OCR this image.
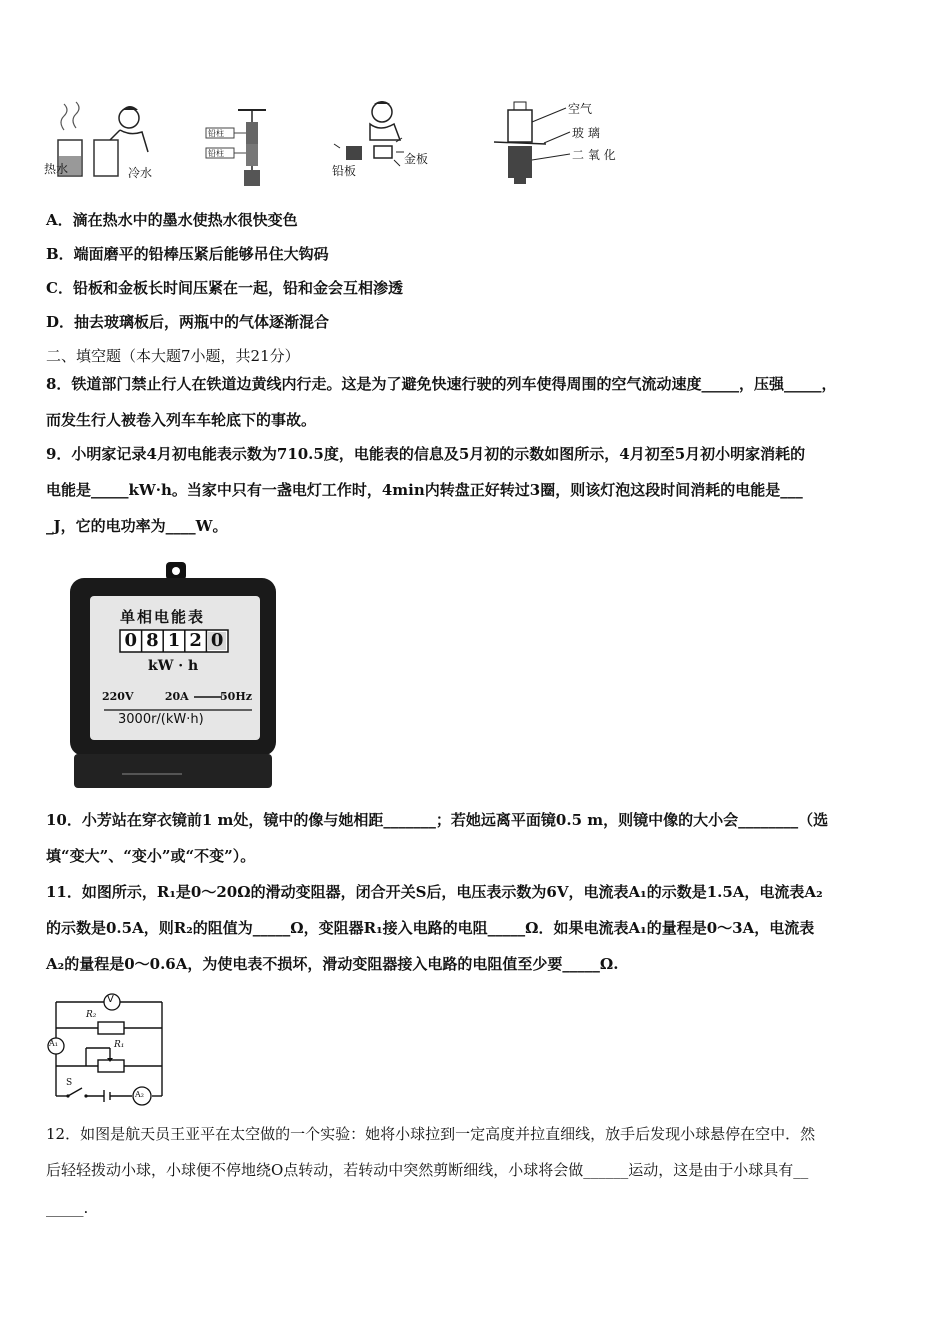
热水	冷水
铅柱
铅柱
铅板
金板
空气
玻 璃
二 氧 化
A．滴在热水中的墨水使热水很快变色
B．端面磨平的铅棒压紧后能够吊住大钩码
C．铅板和金板长时间压紧在一起，铅和金会互相渗透
D．抽去玻璃板后，两瓶中的气体逐渐混合
二、填空题（本大题7小题，共21分）
8．铁道部门禁止行人在铁道边黄线内行走。这是为了避免快速行驶的列车使得周围的空气流动速度_____，压强_____，
而发生行人被卷入列车车轮底下的事故。
9．小明家记录4月初电能表示数为710.5度，电能表的信息及5月初的示数如图所示，4月初至5月初小明家消耗的
电能是_____kW·h。当家中只有一盏电灯工作时，4min内转盘正好转过3圈，则该灯泡这段时间消耗的电能是___
_J，它的电功率为____W。
单相电能表
0 8 1 2 0
kW · h
220V	20A	50Hz
3000r/(kW·h)
10．小芳站在穿衣镜前1 m处，镜中的像与她相距_______；若她远离平面镜0.5 m，则镜中像的大小会________（选
填“变大”、“变小”或“不变”）。
11．如图所示，R₁是0～20Ω的滑动变阻器，闭合开关S后，电压表示数为6V，电流表A₁的示数是1.5A，电流表A₂
的示数是0.5A，则R₂的阻值为_____Ω，变阻器R₁接入电路的电阻_____Ω．如果电流表A₁的量程是0～3A，电流表
A₂的量程是0～0.6A，为使电表不损坏，滑动变阻器接入电路的电阻值至少要_____Ω.
V
R₂
R₁
A₁
A₂
S
12．如图是航天员王亚平在太空做的一个实验：她将小球拉到一定高度并拉直细线，放手后发现小球悬停在空中．然
后轻轻拨动小球，小球便不停地绕O点转动，若转动中突然剪断细线，小球将会做______运动，这是由于小球具有__
_____.
